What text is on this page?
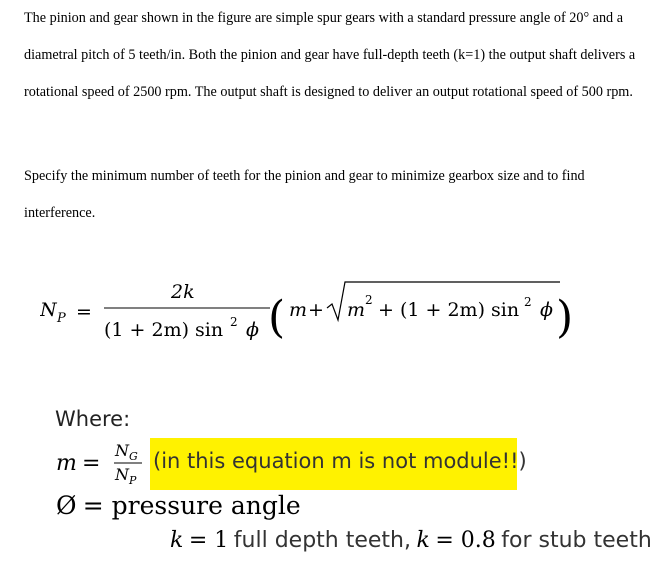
The pinion and gear shown in the figure are simple spur gears with a standard pressure angle of 20° and a diametral pitch of 5 teeth/in. Both the pinion and gear have full-depth teeth (k=1) the output shaft delivers a rotational speed of 2500 rpm. The output shaft is designed to deliver an output rotational speed of 500 rpm.

Specify the minimum number of teeth for the pinion and gear to minimize gearbox size and to find interference.

N P =
2k
(1 + 2m) sin 2 ϕ ( m + m 2 + (1 + 2m) sin 2 ϕ )
Where:
m =
N G
N P
(in this equation m is not module!!)
Ø = pressure angle
k = 1 full depth teeth, k = 0.8 for stub teeth
